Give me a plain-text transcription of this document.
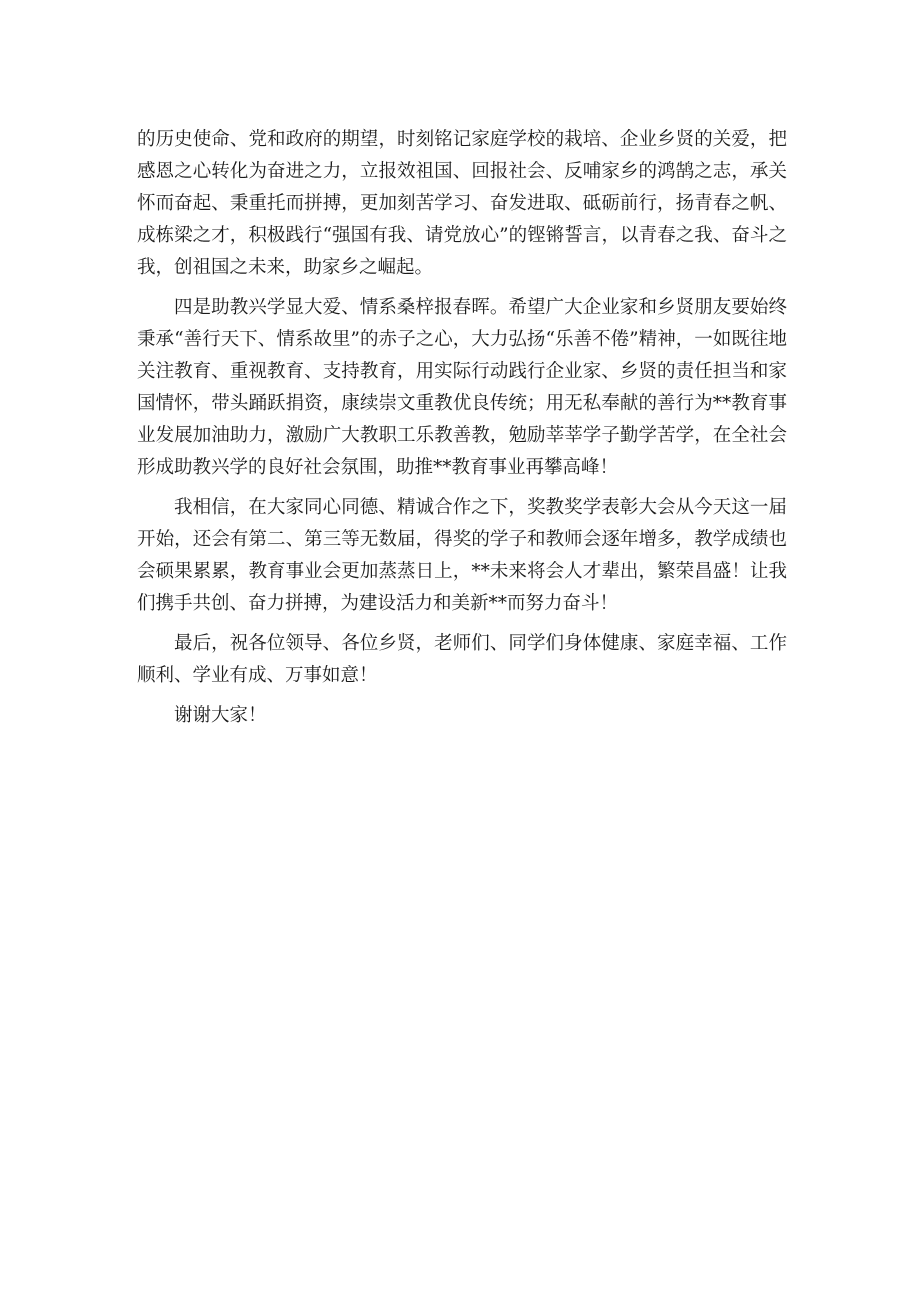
的历史使命、党和政府的期望，时刻铭记家庭学校的栽培、企业乡贤的关爱，把感恩之心转化为奋进之力，立报效祖国、回报社会、反哺家乡的鸿鹄之志，承关怀而奋起、秉重托而拼搏，更加刻苦学习、奋发进取、砥砺前行，扬青春之帆、成栋梁之才，积极践行“强国有我、请党放心”的铿锵誓言，以青春之我、奋斗之我，创祖国之未来，助家乡之崛起。

四是助教兴学显大爱、情系桑梓报春晖。希望广大企业家和乡贤朋友要始终秉承“善行天下、情系故里”的赤子之心，大力弘扬“乐善不倦”精神，一如既往地关注教育、重视教育、支持教育，用实际行动践行企业家、乡贤的责任担当和家国情怀，带头踊跃捐资，康续崇文重教优良传统；用无私奉献的善行为**教育事业发展加油助力，激励广大教职工乐教善教，勉励莘莘学子勤学苦学，在全社会形成助教兴学的良好社会氛围，助推**教育事业再攀高峰！

我相信，在大家同心同德、精诚合作之下，奖教奖学表彰大会从今天这一届开始，还会有第二、第三等无数届，得奖的学子和教师会逐年增多，教学成绩也会硕果累累，教育事业会更加蒸蒸日上，**未来将会人才辈出，繁荣昌盛！让我们携手共创、奋力拼搏，为建设活力和美新**而努力奋斗！

最后，祝各位领导、各位乡贤，老师们、同学们身体健康、家庭幸福、工作顺利、学业有成、万事如意！

谢谢大家！
